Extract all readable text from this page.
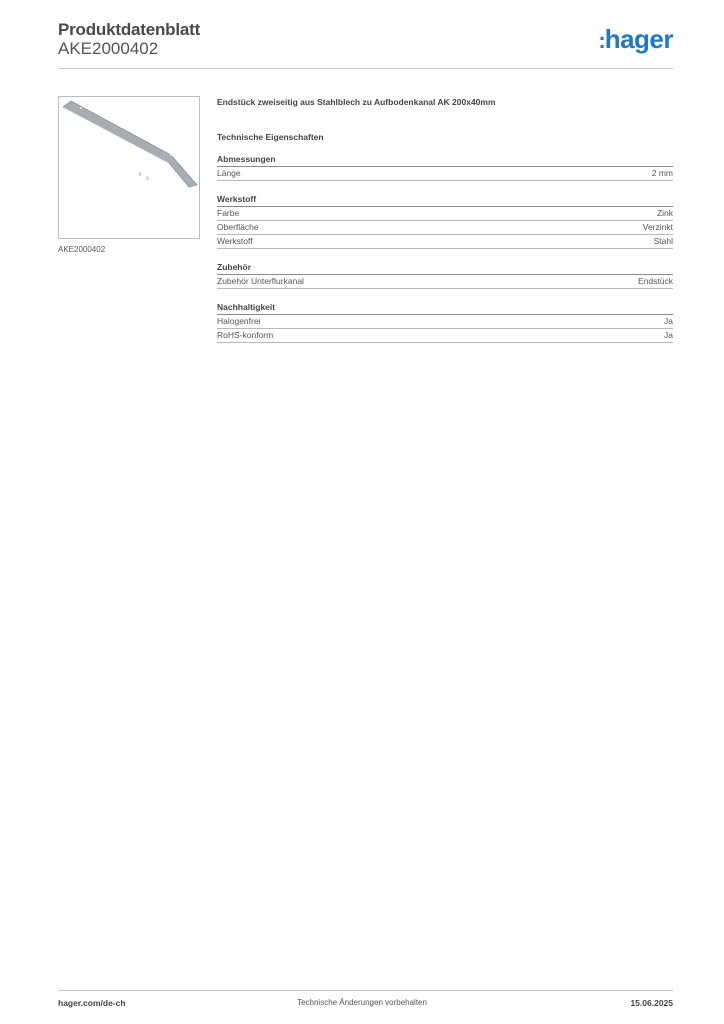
Produktdatenblatt
AKE2000402	:hager
AKE2000402
Endstück zweiseitig aus Stahlblech zu Aufbodenkanal AK 200x40mm
Technische Eigenschaften
Abmessungen
Länge	2 mm
Werkstoff
Farbe	Zink
Oberfläche	Verzinkt
Werkstoff	Stahl
Zubehör
Zubehör Unterflurkanal	Endstück
Nachhaltigkeit
Halogenfrei	Ja
RoHS-konform	Ja
hager.com/de-ch	Technische Änderungen vorbehalten	15.06.2025
